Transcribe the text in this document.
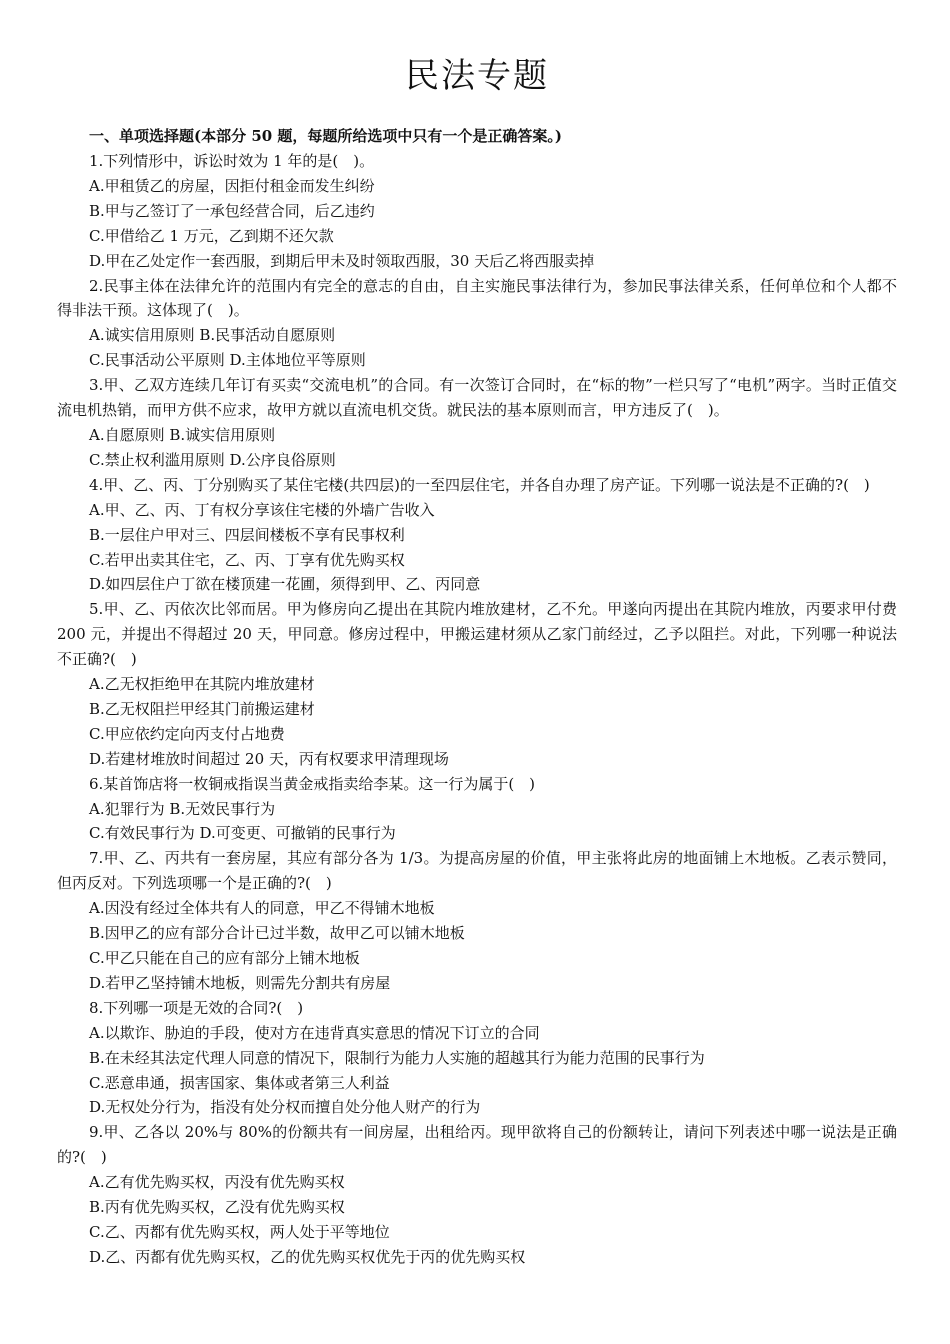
民法专题
一、单项选择题(本部分 50 题，每题所给选项中只有一个是正确答案。)

1.下列情形中，诉讼时效为 1 年的是(　)。

A.甲租赁乙的房屋，因拒付租金而发生纠纷

B.甲与乙签订了一承包经营合同，后乙违约

C.甲借给乙 1 万元，乙到期不还欠款

D.甲在乙处定作一套西服，到期后甲未及时领取西服，30 天后乙将西服卖掉

2.民事主体在法律允许的范围内有完全的意志的自由，自主实施民事法律行为，参加民事法律关系，任何单位和个人都不得非法干预。这体现了(　)。

A.诚实信用原则 B.民事活动自愿原则

C.民事活动公平原则 D.主体地位平等原则

3.甲、乙双方连续几年订有买卖“交流电机”的合同。有一次签订合同时，在“标的物”一栏只写了“电机”两字。当时正值交流电机热销，而甲方供不应求，故甲方就以直流电机交货。就民法的基本原则而言，甲方违反了(　)。

A.自愿原则 B.诚实信用原则

C.禁止权利滥用原则 D.公序良俗原则

4.甲、乙、丙、丁分别购买了某住宅楼(共四层)的一至四层住宅，并各自办理了房产证。下列哪一说法是不正确的?(　)

A.甲、乙、丙、丁有权分享该住宅楼的外墙广告收入

B.一层住户甲对三、四层间楼板不享有民事权利

C.若甲出卖其住宅，乙、丙、丁享有优先购买权

D.如四层住户丁欲在楼顶建一花圃，须得到甲、乙、丙同意

5.甲、乙、丙依次比邻而居。甲为修房向乙提出在其院内堆放建材，乙不允。甲遂向丙提出在其院内堆放，丙要求甲付费 200 元，并提出不得超过 20 天，甲同意。修房过程中，甲搬运建材须从乙家门前经过，乙予以阻拦。对此，下列哪一种说法不正确?(　)

A.乙无权拒绝甲在其院内堆放建材

B.乙无权阻拦甲经其门前搬运建材

C.甲应依约定向丙支付占地费

D.若建材堆放时间超过 20 天，丙有权要求甲清理现场

6.某首饰店将一枚铜戒指误当黄金戒指卖给李某。这一行为属于(　)

A.犯罪行为 B.无效民事行为

C.有效民事行为 D.可变更、可撤销的民事行为

7.甲、乙、丙共有一套房屋，其应有部分各为 1/3。为提高房屋的价值，甲主张将此房的地面铺上木地板。乙表示赞同，但丙反对。下列选项哪一个是正确的?(　)

A.因没有经过全体共有人的同意，甲乙不得铺木地板

B.因甲乙的应有部分合计已过半数，故甲乙可以铺木地板

C.甲乙只能在自己的应有部分上铺木地板

D.若甲乙坚持铺木地板，则需先分割共有房屋

8.下列哪一项是无效的合同?(　)

A.以欺诈、胁迫的手段，使对方在违背真实意思的情况下订立的合同

B.在未经其法定代理人同意的情况下，限制行为能力人实施的超越其行为能力范围的民事行为

C.恶意串通，损害国家、集体或者第三人利益

D.无权处分行为，指没有处分权而擅自处分他人财产的行为

9.甲、乙各以 20%与 80%的份额共有一间房屋，出租给丙。现甲欲将自己的份额转让，请问下列表述中哪一说法是正确的?(　)

A.乙有优先购买权，丙没有优先购买权

B.丙有优先购买权，乙没有优先购买权

C.乙、丙都有优先购买权，两人处于平等地位

D.乙、丙都有优先购买权，乙的优先购买权优先于丙的优先购买权
